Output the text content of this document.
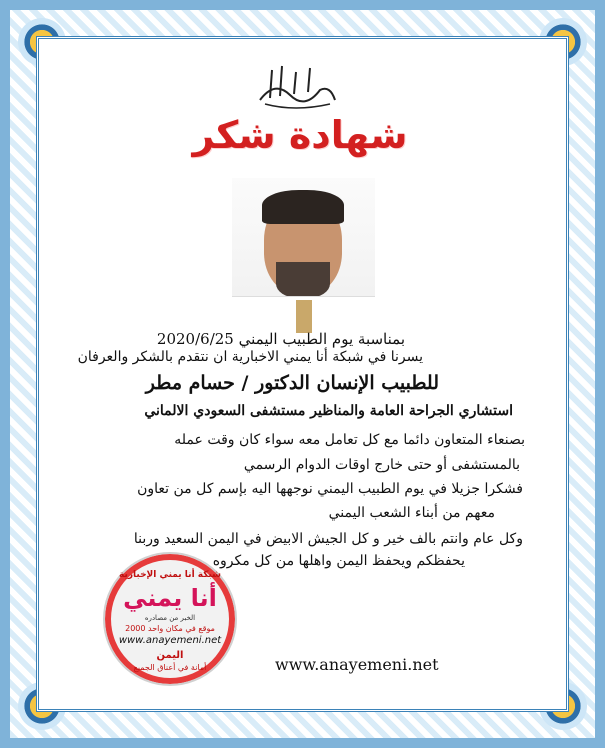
شهادة شكر
بمناسبة يوم الطبيب اليمني 2020/6/25
يسرنا في شبكة أنا يمني الاخبارية ان نتقدم بالشكر والعرفان
للطبيب الإنسان الدكتور / حسام مطر
استشاري الجراحة العامة والمناظير مستشفى السعودي الالماني
بصنعاء المتعاون دائما مع كل تعامل معه سواء كان وقت عمله
بالمستشفى أو حتى خارج اوقات الدوام الرسمي
فشكرا جزيلا في يوم الطبيب اليمني نوجهها اليه بإسم كل من تعاون
معهم من أبناء الشعب اليمني
وكل عام وانتم بالف خير و كل الجيش الابيض في اليمن السعيد وربنا
يحفظكم ويحفظ اليمن واهلها من كل مكروه
شبكة أنا يمني الإخبارية
أنا يمني
الخبر من مصادره
2000 موقع في مكان واحد
www.anayemeni.net
اليمن
أمانة في أعناق الجميع	www.anayemeni.net
